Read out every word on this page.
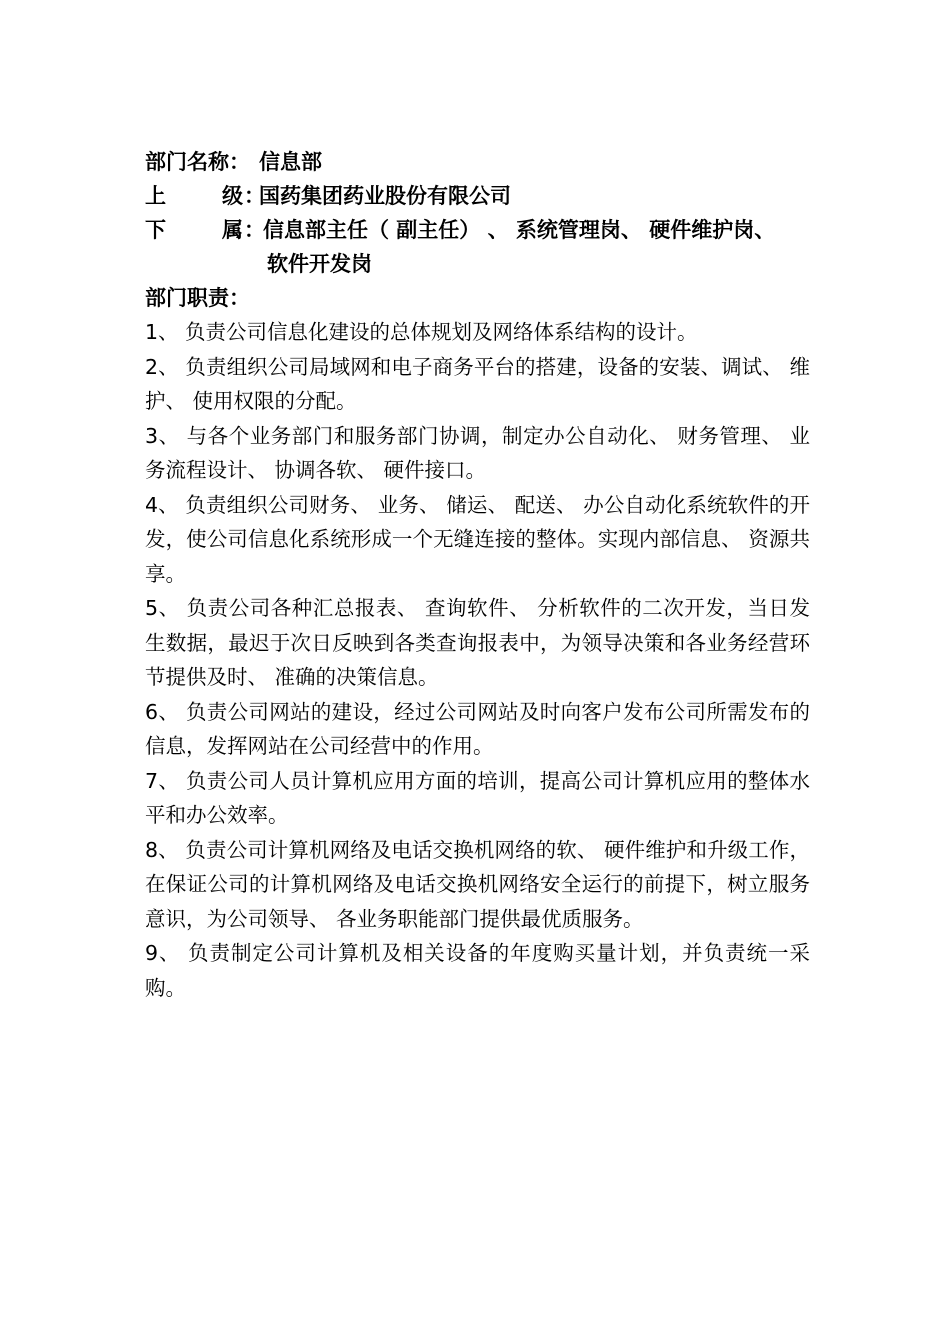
部门名称： 信息部
上	级 ：
国药集团药业股份有限公司
下	属 ：
信息部主任（ 副主任） 、 系统管理岗、 硬件维护岗、
软件开发岗
部门职责：
1、 负责公司信息化建设的总体规划及网络体系结构的设计。
2、 负责组织公司局域网和电子商务平台的搭建，设备的安装、调试、 维护、 使用权限的分配。
3、 与各个业务部门和服务部门协调，制定办公自动化、 财务管理、 业务流程设计、 协调各软、 硬件接口。
4、 负责组织公司财务、 业务、 储运、 配送、 办公自动化系统软件的开发，使公司信息化系统形成一个无缝连接的整体。实现内部信息、 资源共享。
5、 负责公司各种汇总报表、 查询软件、 分析软件的二次开发，当日发生数据，最迟于次日反映到各类查询报表中，为领导决策和各业务经营环节提供及时、 准确的决策信息。
6、 负责公司网站的建设，经过公司网站及时向客户发布公司所需发布的信息，发挥网站在公司经营中的作用。
7、 负责公司人员计算机应用方面的培训，提高公司计算机应用的整体水平和办公效率。
8、 负责公司计算机网络及电话交换机网络的软、 硬件维护和升级工作，在保证公司的计算机网络及电话交换机网络安全运行的前提下，树立服务意识，为公司领导、 各业务职能部门提供最优质服务。
9、 负责制定公司计算机及相关设备的年度购买量计划，并负责统一采购。
